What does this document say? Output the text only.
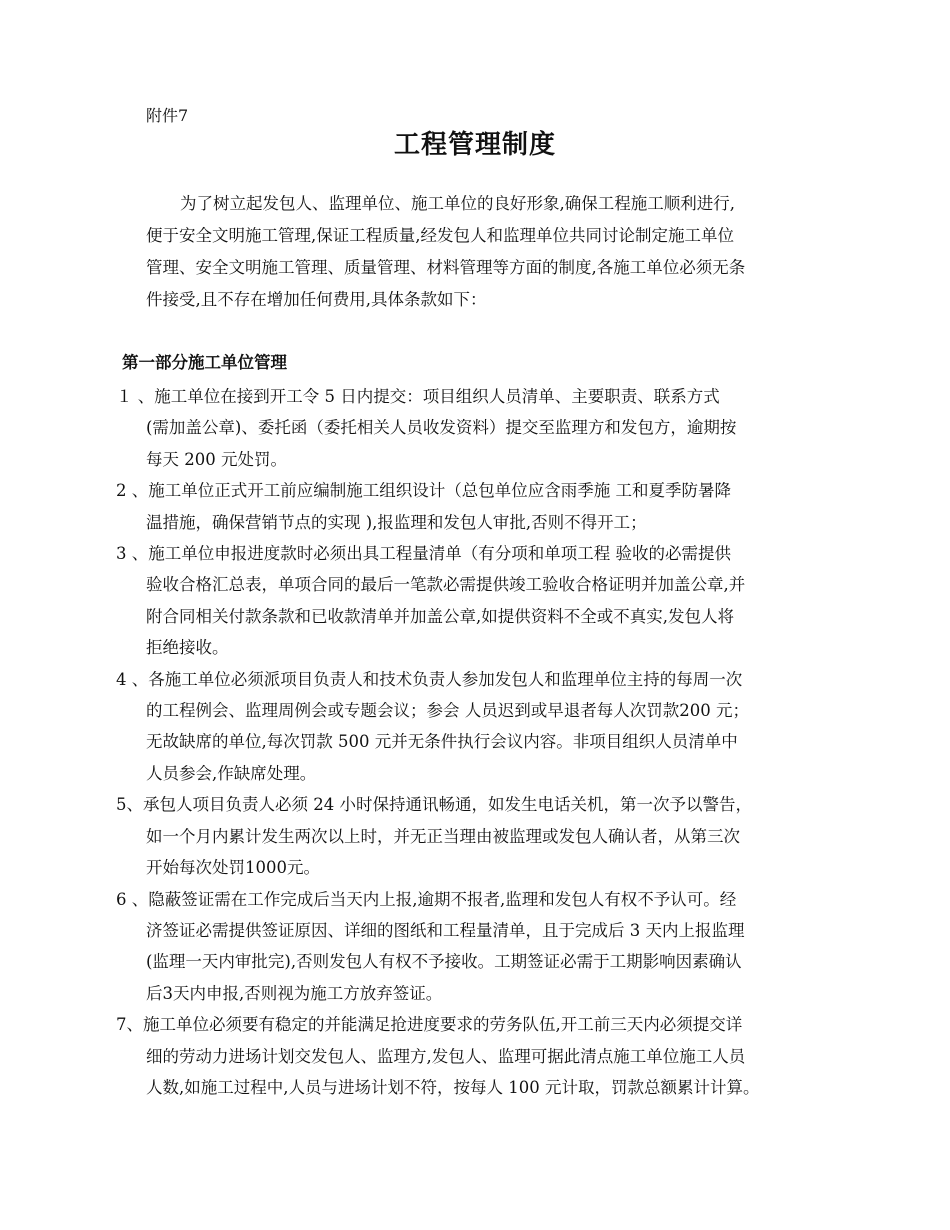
附件7
工程管理制度
为了树立起发包人、监理单位、施工单位的良好形象,确保工程施工顺利进行,
便于安全文明施工管理,保证工程质量,经发包人和监理单位共同讨论制定施工单位
管理、安全文明施工管理、质量管理、材料管理等方面的制度,各施工单位必须无条
件接受,且不存在增加任何费用,具体条款如下：
第一部分施工单位管理
１ 、施工单位在接到开工令 5 日内提交：项目组织人员清单、主要职责、联系方式
(需加盖公章)、委托函（委托相关人员收发资料）提交至监理方和发包方，逾期按
每天 200 元处罚。
2 、施工单位正式开工前应编制施工组织设计（总包单位应含雨季施 工和夏季防暑降
温措施，确保营销节点的实现 ),报监理和发包人审批,否则不得开工；
3 、施工单位申报进度款时必须出具工程量清单（有分项和单项工程 验收的必需提供
验收合格汇总表，单项合同的最后一笔款必需提供竣工验收合格证明并加盖公章,并
附合同相关付款条款和已收款清单并加盖公章,如提供资料不全或不真实,发包人将
拒绝接收。
4 、各施工单位必须派项目负责人和技术负责人参加发包人和监理单位主持的每周一次
的工程例会、监理周例会或专题会议；参会 人员迟到或早退者每人次罚款200 元；
无故缺席的单位,每次罚款 500 元并无条件执行会议内容。非项目组织人员清单中
人员参会,作缺席处理。
5、承包人项目负责人必须 24 小时保持通讯畅通，如发生电话关机，第一次予以警告，
如一个月内累计发生两次以上时，并无正当理由被监理或发包人确认者，从第三次
开始每次处罚1000元。
6 、隐蔽签证需在工作完成后当天内上报,逾期不报者,监理和发包人有权不予认可。经
济签证必需提供签证原因、详细的图纸和工程量清单，且于完成后 3 天内上报监理
(监理一天内审批完),否则发包人有权不予接收。工期签证必需于工期影响因素确认
后3天内申报,否则视为施工方放弃签证。
7、施工单位必须要有稳定的并能满足抢进度要求的劳务队伍,开工前三天内必须提交详
细的劳动力进场计划交发包人、监理方,发包人、监理可据此清点施工单位施工人员
人数,如施工过程中,人员与进场计划不符，按每人 100 元计取，罚款总额累计计算。
